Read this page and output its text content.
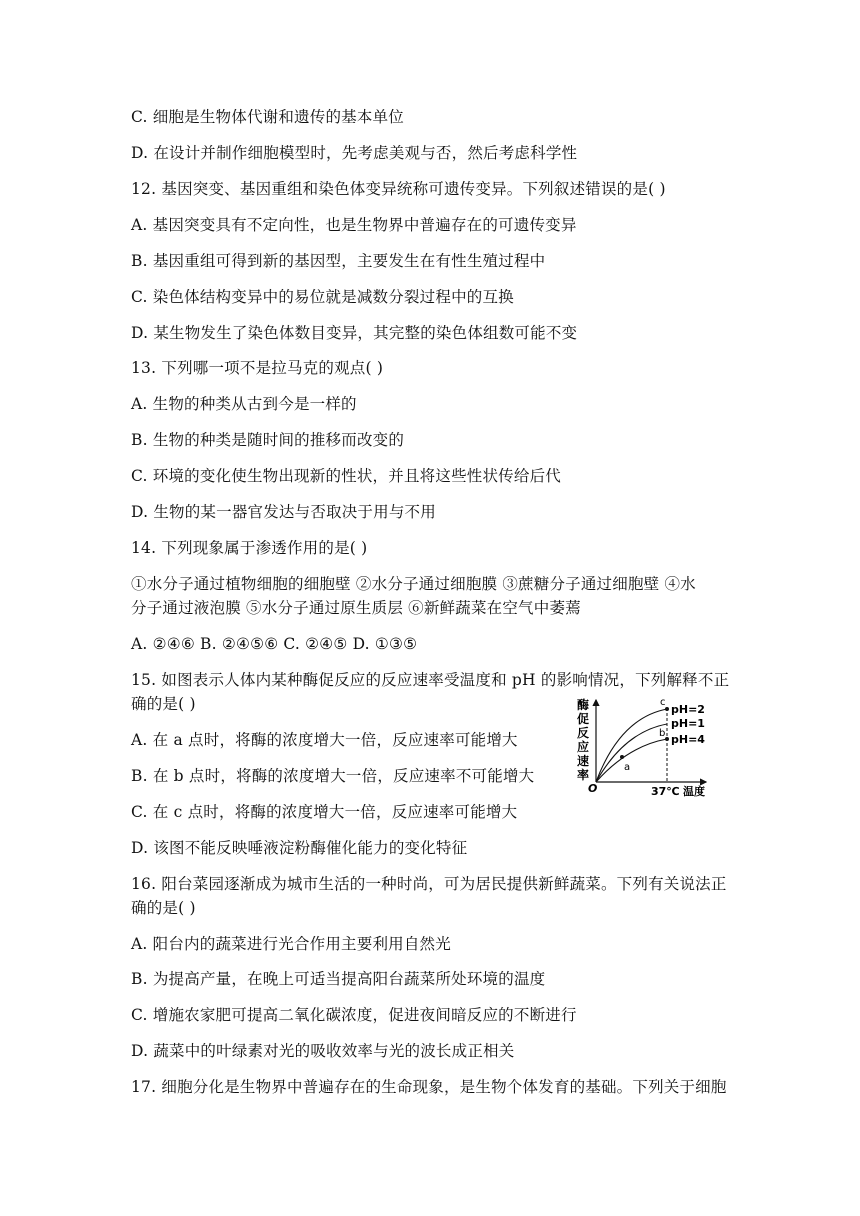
C. 细胞是生物体代谢和遗传的基本单位
D. 在设计并制作细胞模型时，先考虑美观与否，然后考虑科学性
12. 基因突变、基因重组和染色体变异统称可遗传变异。下列叙述错误的是( )
A. 基因突变具有不定向性，也是生物界中普遍存在的可遗传变异
B. 基因重组可得到新的基因型，主要发生在有性生殖过程中
C. 染色体结构变异中的易位就是减数分裂过程中的互换
D. 某生物发生了染色体数目变异，其完整的染色体组数可能不变
13. 下列哪一项不是拉马克的观点( )
A. 生物的种类从古到今是一样的
B. 生物的种类是随时间的推移而改变的
C. 环境的变化使生物出现新的性状，并且将这些性状传给后代
D. 生物的某一器官发达与否取决于用与不用
14. 下列现象属于渗透作用的是( )
①水分子通过植物细胞的细胞壁 ②水分子通过细胞膜 ③蔗糖分子通过细胞壁 ④水
分子通过液泡膜 ⑤水分子通过原生质层 ⑥新鲜蔬菜在空气中萎蔫
A. ②④⑥ B. ②④⑤⑥ C. ②④⑤ D. ①③⑤
15. 如图表示人体内某种酶促反应的反应速率受温度和 pH 的影响情况，下列解释不正
确的是( )
A. 在 a 点时，将酶的浓度增大一倍，反应速率可能增大
B. 在 b 点时，将酶的浓度增大一倍，反应速率不可能增大
C. 在 c 点时，将酶的浓度增大一倍，反应速率可能增大
D. 该图不能反映唾液淀粉酶催化能力的变化特征
16. 阳台菜园逐渐成为城市生活的一种时尚，可为居民提供新鲜蔬菜。下列有关说法正
确的是( )
A. 阳台内的蔬菜进行光合作用主要利用自然光
B. 为提高产量，在晚上可适当提高阳台蔬菜所处环境的温度
C. 增施农家肥可提高二氧化碳浓度，促进夜间暗反应的不断进行
D. 蔬菜中的叶绿素对光的吸收效率与光的波长成正相关
17. 细胞分化是生物界中普遍存在的生命现象，是生物个体发育的基础。下列关于细胞
酶
促
反
应
速
率
O
c
b
a
pH=2
pH=1
pH=4
37℃ 温度
